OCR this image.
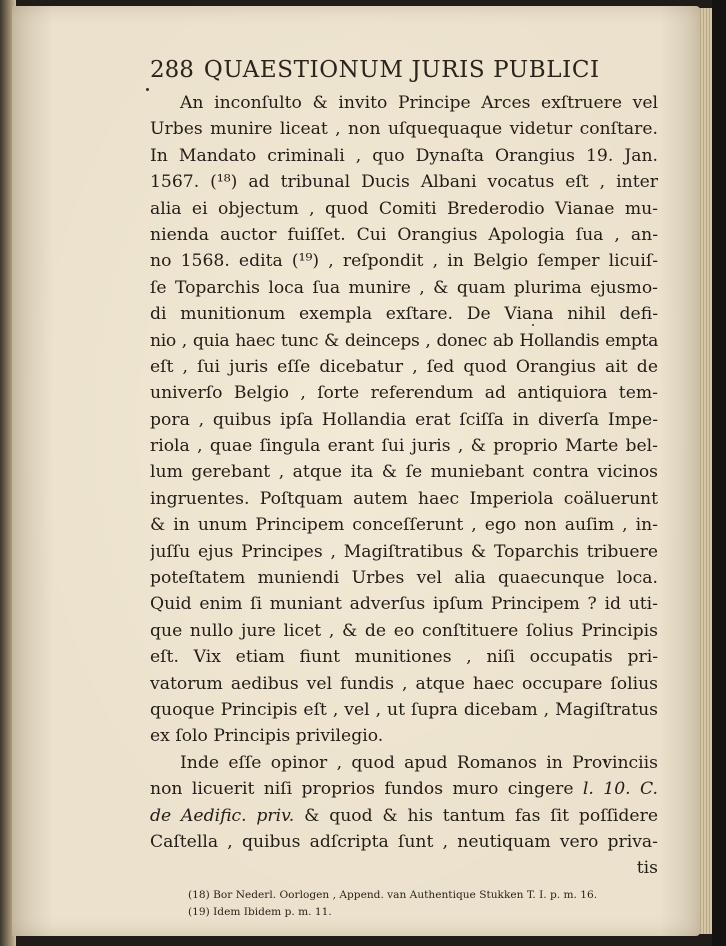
288 QUAESTIONUM JURIS PUBLICI
An inconſulto & invito Principe Arces exſtruere vel
Urbes munire liceat , non uſquequaque videtur conſtare.
In Mandato criminali , quo Dynaſta Orangius 19. Jan.
1567. (¹⁸) ad tribunal Ducis Albani vocatus eſt , inter
alia ei objectum , quod Comiti Brederodio Vianae mu-
nienda auctor fuiſſet. Cui Orangius Apologia ſua , an-
no 1568. edita (¹⁹) , reſpondit , in Belgio ſemper licuiſ-
ſe Toparchis loca ſua munire , & quam plurima ejusmo-
di munitionum exempla exſtare. De Viana nihil defi-
nio , quia haec tunc & deinceps , donec ab Hollandis empta
eſt , ſui juris eſſe dicebatur , ſed quod Orangius ait de
univerſo Belgio , ſorte referendum ad antiquiora tem-
pora , quibus ipſa Hollandia erat ſciſſa in diverſa Impe-
riola , quae ſingula erant ſui juris , & proprio Marte bel-
lum gerebant , atque ita & ſe muniebant contra vicinos
ingruentes. Poſtquam autem haec Imperiola coäluerunt
& in unum Principem conceſſerunt , ego non auſim , in-
juſſu ejus Principes , Magiſtratibus & Toparchis tribuere
poteſtatem muniendi Urbes vel alia quaecunque loca.
Quid enim ſi muniant adverſus ipſum Principem ? id uti-
que nullo jure licet , & de eo conſtituere ſolius Principis
eſt. Vix etiam fiunt munitiones , niſi occupatis pri-
vatorum aedibus vel fundis , atque haec occupare ſolius
quoque Principis eſt , vel , ut ſupra dicebam , Magiſtratus
ex ſolo Principis privilegio.
Inde eſſe opinor , quod apud Romanos in Provinciis
non licuerit niſi proprios fundos muro cingere l. 10. C.
de Aedific. priv. & quod & his tantum fas ſit poſſidere
Caſtella , quibus adſcripta ſunt , neutiquam vero priva-
tis
(18) Bor Nederl. Oorlogen , Append. van Authentique Stukken T. I. p. m. 16.
(19) Idem Ibidem p. m. 11.
